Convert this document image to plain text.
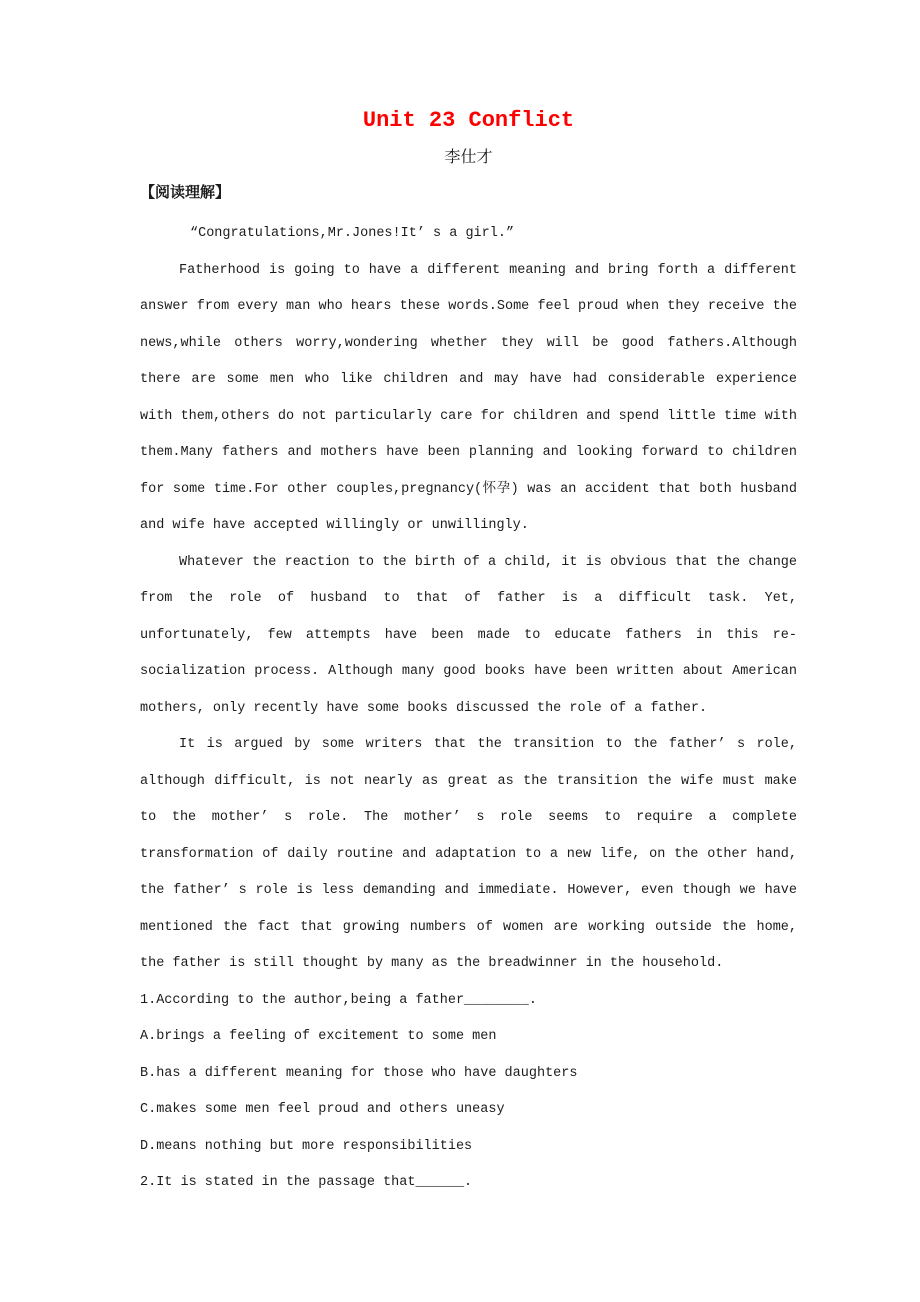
Unit 23 Conflict
李仕才
【阅读理解】

“Congratulations,Mr.Jones!It’ s a girl.”

Fatherhood is going to have a different meaning and bring forth a different answer from every man who hears these words.Some feel proud when they receive the news,while others worry,wondering whether they will be good fathers.Although there are some men who like children and may have had considerable experience with them,others do not particularly care for children and spend little time with them.Many fathers and mothers have been planning and looking forward to children for some time.For other couples,pregnancy(怀孕) was an accident that both husband and wife have accepted willingly or unwillingly.

Whatever the reaction to the birth of a child, it is obvious that the change from the role of husband to that of father is a difficult task. Yet, unfortunately, few attempts have been made to educate fathers in this re-socialization process. Although many good books have been written about American mothers, only recently have some books discussed the role of a father.

It is argued by some writers that the transition to the father’ s role, although difficult, is not nearly as great as the transition the wife must make to the mother’ s role. The mother’ s role seems to require a complete transformation of daily routine and adaptation to a new life, on the other hand, the father’ s role is less demanding and immediate. However, even though we have mentioned the fact that growing numbers of women are working outside the home, the father is still thought by many as the breadwinner in the household.

1.According to the author,being a father________.

A.brings a feeling of excitement to some men

B.has a different meaning for those who have daughters

C.makes some men feel proud and others uneasy

D.means nothing but more responsibilities

2.It is stated in the passage that______.
